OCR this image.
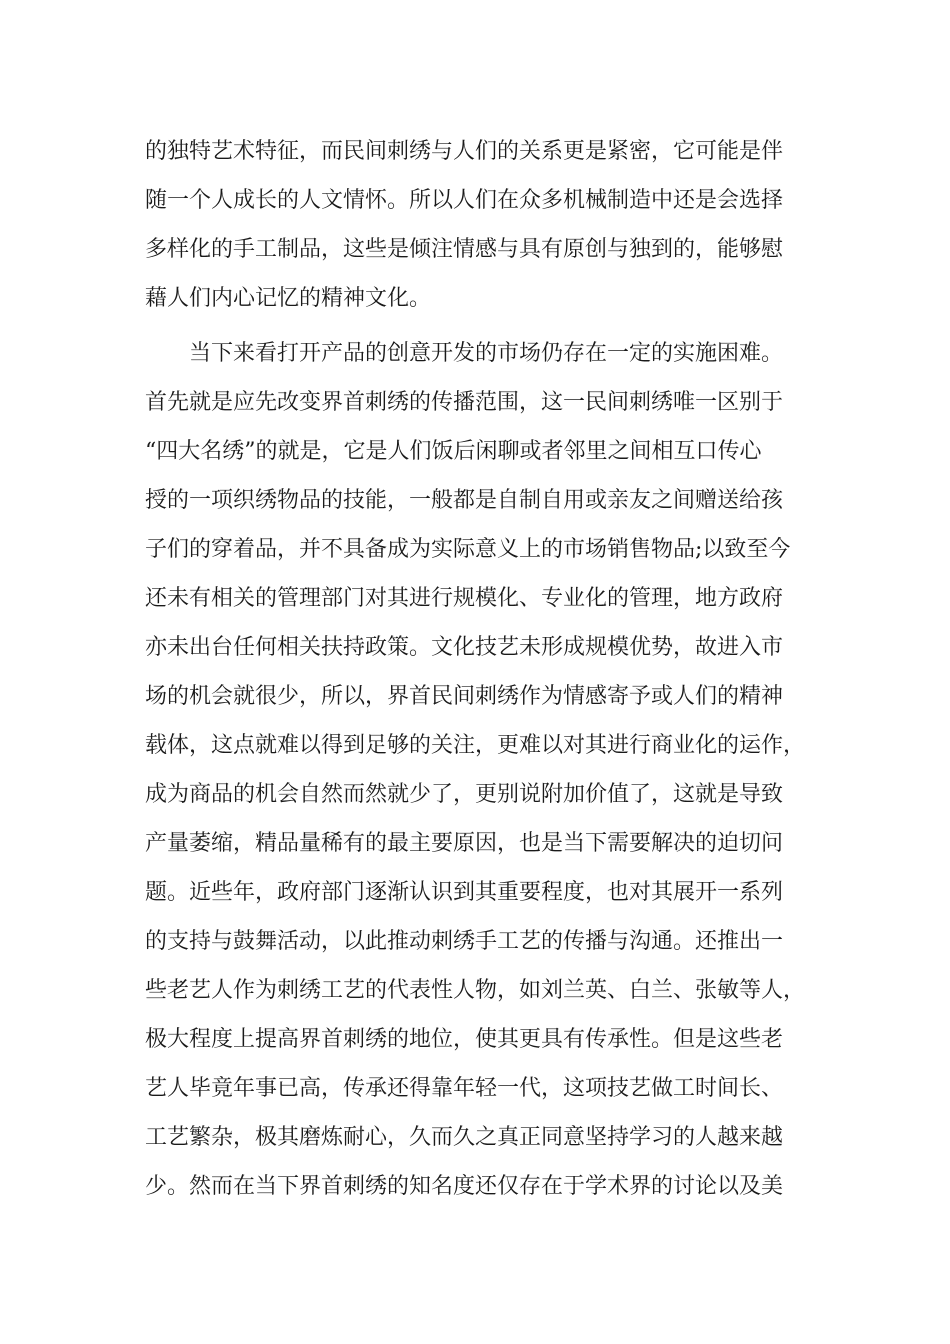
的独特艺术特征，而民间刺绣与人们的关系更是紧密，它可能是伴
随一个人成长的人文情怀。所以人们在众多机械制造中还是会选择
多样化的手工制品，这些是倾注情感与具有原创与独到的，能够慰
藉人们内心记忆的精神文化。
当下来看打开产品的创意开发的市场仍存在一定的实施困难。
首先就是应先改变界首刺绣的传播范围，这一民间刺绣唯一区别于
“四大名绣”的就是，它是人们饭后闲聊或者邻里之间相互口传心
授的一项织绣物品的技能，一般都是自制自用或亲友之间赠送给孩
子们的穿着品，并不具备成为实际意义上的市场销售物品;以致至今
还未有相关的管理部门对其进行规模化、专业化的管理，地方政府
亦未出台任何相关扶持政策。文化技艺未形成规模优势，故进入市
场的机会就很少，所以，界首民间刺绣作为情感寄予或人们的精神
载体，这点就难以得到足够的关注，更难以对其进行商业化的运作，
成为商品的机会自然而然就少了，更别说附加价值了，这就是导致
产量萎缩，精品量稀有的最主要原因，也是当下需要解决的迫切问
题。近些年，政府部门逐渐认识到其重要程度，也对其展开一系列
的支持与鼓舞活动，以此推动刺绣手工艺的传播与沟通。还推出一
些老艺人作为刺绣工艺的代表性人物，如刘兰英、白兰、张敏等人，
极大程度上提高界首刺绣的地位，使其更具有传承性。但是这些老
艺人毕竟年事已高，传承还得靠年轻一代，这项技艺做工时间长、
工艺繁杂，极其磨炼耐心，久而久之真正同意坚持学习的人越来越
少。然而在当下界首刺绣的知名度还仅存在于学术界的讨论以及美
